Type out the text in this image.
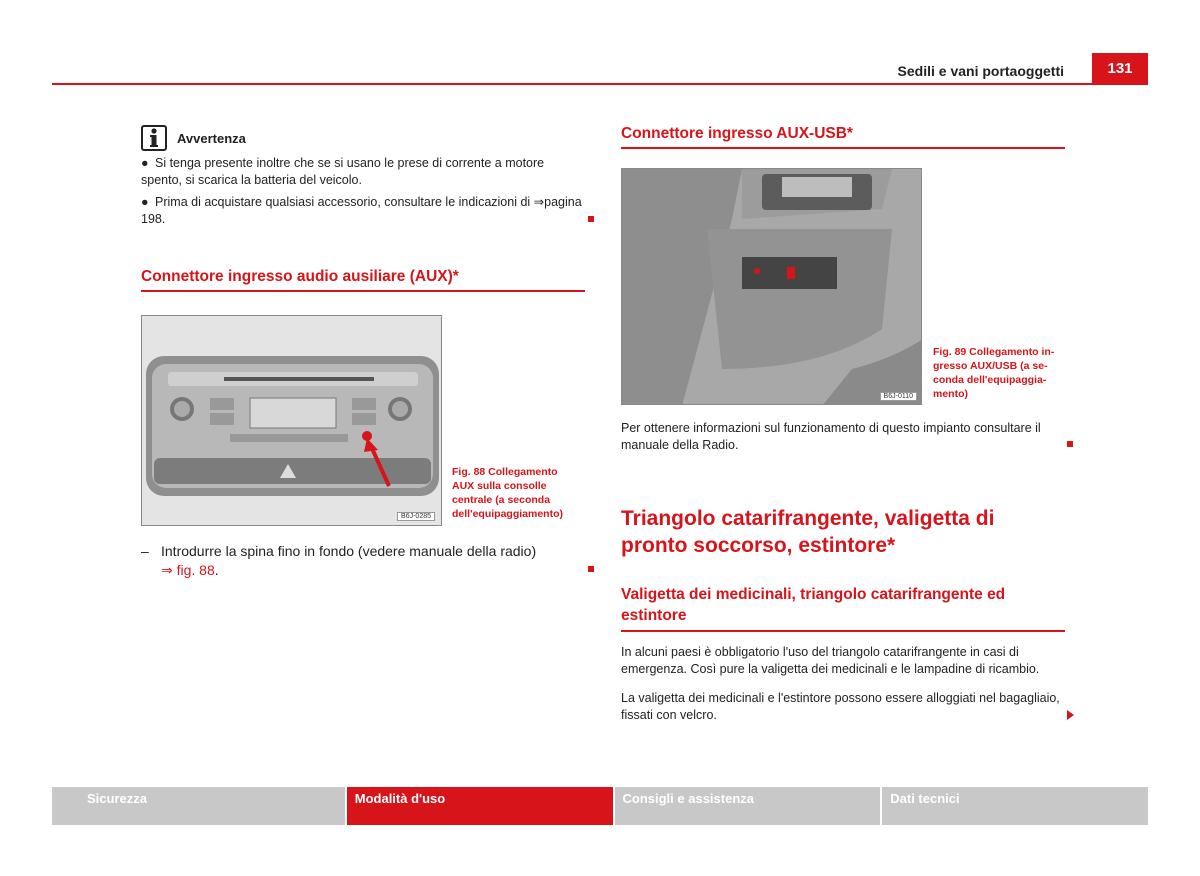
Sedili e vani portaoggetti	131
Avvertenza
● Si tenga presente inoltre che se si usano le prese di corrente a motore spento, si scarica la batteria del veicolo.
● Prima di acquistare qualsiasi accessorio, consultare le indicazioni di ⇒pagina 198.
Connettore ingresso audio ausiliare (AUX)*
B6J-0285
Fig. 88 Collegamento AUX sulla consolle centrale (a seconda dell'equipaggiamento)
– Introdurre la spina fino in fondo (vedere manuale della radio)
⇒ fig. 88.
Connettore ingresso AUX-USB*
B6J-0110
Fig. 89 Collegamento ingresso AUX/USB (a seconda dell'equipaggiamento)
Per ottenere informazioni sul funzionamento di questo impianto consultare il manuale della Radio.
Triangolo catarifrangente, valigetta di pronto soccorso, estintore*
Valigetta dei medicinali, triangolo catarifrangente ed estintore
In alcuni paesi è obbligatorio l'uso del triangolo catarifrangente in casi di emergenza. Così pure la valigetta dei medicinali e le lampadine di ricambio.
La valigetta dei medicinali e l'estintore possono essere alloggiati nel bagagliaio, fissati con velcro.
Sicurezza	Modalità d'uso	Consigli e assistenza	Dati tecnici
